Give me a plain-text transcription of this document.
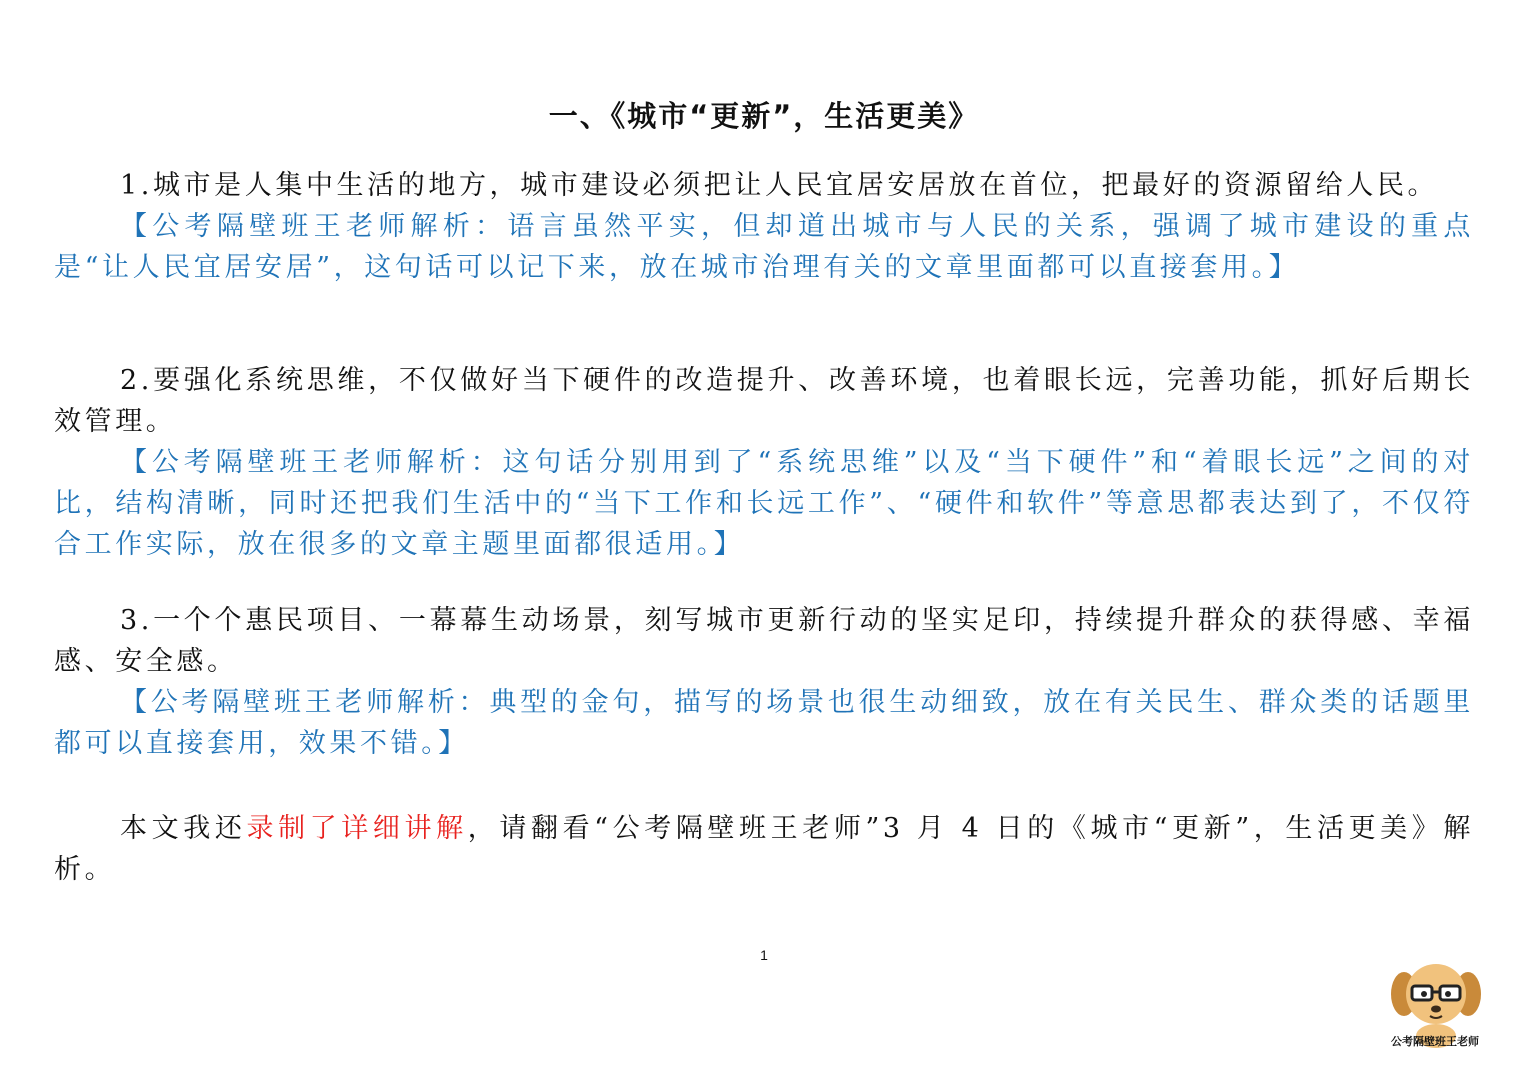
一、《城市“更新”，生活更美》

1.城市是人集中生活的地方，城市建设必须把让人民宜居安居放在首位，把最好的资源留给人民。

【公考隔壁班王老师解析：语言虽然平实，但却道出城市与人民的关系，强调了城市建设的重点是“让人民宜居安居”，这句话可以记下来，放在城市治理有关的文章里面都可以直接套用。】

2.要强化系统思维，不仅做好当下硬件的改造提升、改善环境，也着眼长远，完善功能，抓好后期长效管理。

【公考隔壁班王老师解析：这句话分别用到了“系统思维”以及“当下硬件”和“着眼长远”之间的对比，结构清晰，同时还把我们生活中的“当下工作和长远工作”、“硬件和软件”等意思都表达到了，不仅符合工作实际，放在很多的文章主题里面都很适用。】

3.一个个惠民项目、一幕幕生动场景，刻写城市更新行动的坚实足印，持续提升群众的获得感、幸福感、安全感。

【公考隔壁班王老师解析：典型的金句，描写的场景也很生动细致，放在有关民生、群众类的话题里都可以直接套用，效果不错。】

本文我还录制了详细讲解，请翻看“公考隔壁班王老师”3 月 4 日的《城市“更新”，生活更美》解析。

1
公考隔壁班王老师
